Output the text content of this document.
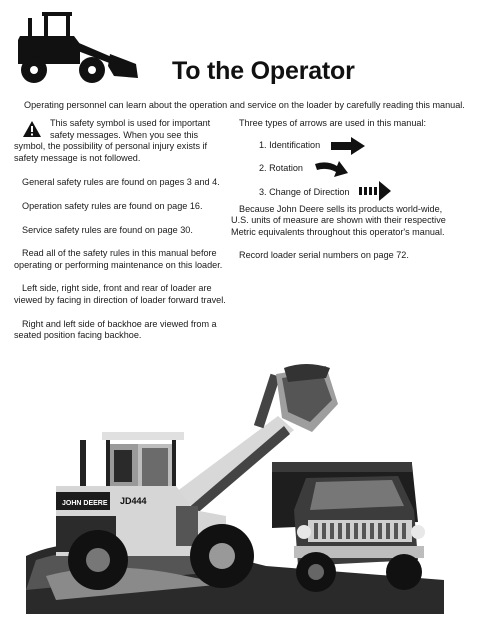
To the Operator

Operating personnel can learn about the operation and service on the loader by carefully reading this manual.

This safety symbol is used for important safety messages. When you see this symbol, the possibility of personal injury exists if safety message is not followed.

General safety rules are found on pages 3 and 4.

Operation safety rules are found on page 16.

Service safety rules are found on page 30.

Read all of the safety rules in this manual before operating or performing maintenance on this loader.

Left side, right side, front and rear of loader are viewed by facing in direction of loader forward travel.

Right and left side of backhoe are viewed from a seated position facing backhoe.

Three types of arrows are used in this manual:

1. Identification
2. Rotation
3. Change of Direction

Because John Deere sells its products world-wide, U.S. units of measure are shown with their respective Metric equivalents throughout this operator's manual.

Record loader serial numbers on page 72.

JOHN DEERE JD444
